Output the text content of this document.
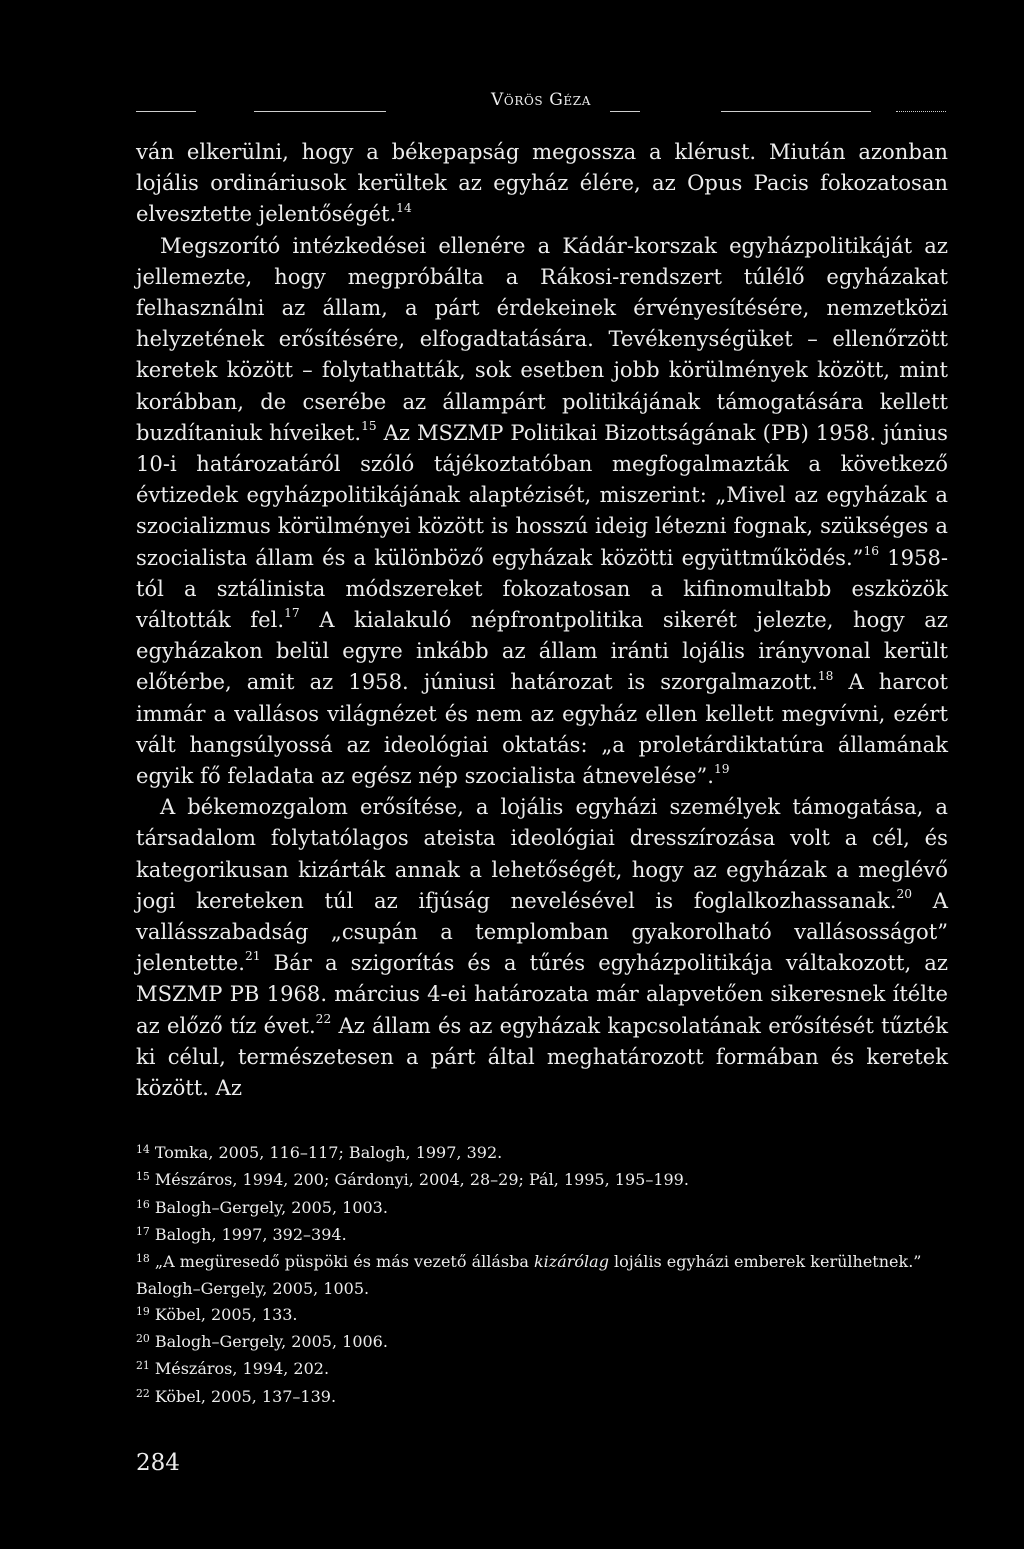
Vörös Géza

ván elkerülni, hogy a békepapság megossza a klérust. Miután azonban lojális ordináriusok kerültek az egyház élére, az Opus Pacis fokozatosan elvesztette jelentőségét.$^{14}$

Megszorító intézkedései ellenére a Kádár-korszak egyházpolitikáját az jellemezte, hogy megpróbálta a Rákosi-rendszert túlélő egyházakat felhasználni az állam, a párt érdekeinek érvényesítésére, nemzetközi helyzetének erősítésére, elfogadtatására. Tevékenységüket – ellenőrzött keretek között – folytathatták, sok esetben jobb körülmények között, mint korábban, de cserébe az állampárt politikájának támogatására kellett buzdítaniuk híveiket.$^{15}$ Az MSZMP Politikai Bizottságának (PB) 1958. június 10-i határozatáról szóló tájékoztatóban megfogalmazták a következő évtizedek egyházpolitikájának alaptézisét, miszerint: „Mivel az egyházak a szocializmus körülményei között is hosszú ideig létezni fognak, szükséges a szocialista állam és a különböző egyházak közötti együttműködés.”$^{16}$ 1958-tól a sztálinista módszereket fokozatosan a kifinomultabb eszközök váltották fel.$^{17}$ A kialakuló népfrontpolitika sikerét jelezte, hogy az egyházakon belül egyre inkább az állam iránti lojális irányvonal került előtérbe, amit az 1958. júniusi határozat is szorgalmazott.$^{18}$ A harcot immár a vallásos világnézet és nem az egyház ellen kellett megvívni, ezért vált hangsúlyossá az ideológiai oktatás: „a proletárdiktatúra államának egyik fő feladata az egész nép szocialista átnevelése”.$^{19}$

A békemozgalom erősítése, a lojális egyházi személyek támogatása, a társadalom folytatólagos ateista ideológiai dresszírozása volt a cél, és kategorikusan kizárták annak a lehetőségét, hogy az egyházak a meglévő jogi kereteken túl az ifjúság nevelésével is foglalkozhassanak.$^{20}$ A vallásszabadság „csupán a templomban gyakorolható vallásosságot” jelentette.$^{21}$ Bár a szigorítás és a tűrés egyházpolitikája váltakozott, az MSZMP PB 1968. március 4-ei határozata már alapvetően sikeresnek ítélte az előző tíz évet.$^{22}$ Az állam és az egyházak kapcsolatának erősítését tűzték ki célul, természetesen a párt által meghatározott formában és keretek között. Az

$^{14}$ Tomka, 2005, 116–117; Balogh, 1997, 392.

$^{15}$ Mészáros, 1994, 200; Gárdonyi, 2004, 28–29; Pál, 1995, 195–199.

$^{16}$ Balogh–Gergely, 2005, 1003.

$^{17}$ Balogh, 1997, 392–394.

$^{18}$ „A megüresedő püspöki és más vezető állásba kizárólag lojális egyházi emberek kerülhetnek.” Balogh–Gergely, 2005, 1005.

$^{19}$ Köbel, 2005, 133.

$^{20}$ Balogh–Gergely, 2005, 1006.

$^{21}$ Mészáros, 1994, 202.

$^{22}$ Köbel, 2005, 137–139.

284
